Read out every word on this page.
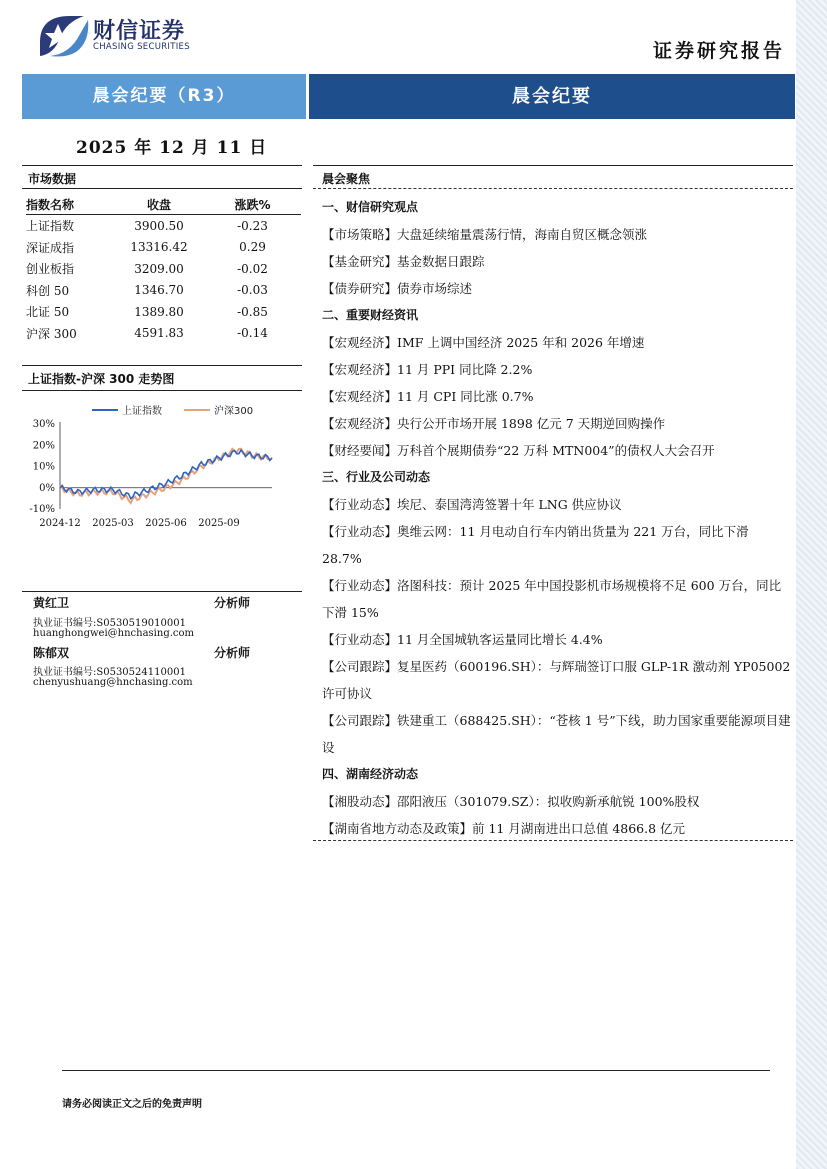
财信证券
CHASING SECURITIES	证券研究报告
晨会纪要（R3）	晨会纪要
2025 年 12 月 11 日
市场数据
指数名称	收盘	涨跌%
上证指数	3900.50	-0.23
深证成指	13316.42	0.29
创业板指	3209.00	-0.02
科创 50	1346.70	-0.03
北证 50	1389.80	-0.85
沪深 300	4591.83	-0.14
上证指数-沪深 300 走势图
上证指数	沪深300
30%
20%
10%
0%
-10%
2024-12 2025-03 2025-06 2025-09
黄红卫	分析师
执业证书编号:S0530519010001
huanghongwei@hnchasing.com
陈郁双	分析师
执业证书编号:S0530524110001
chenyushuang@hnchasing.com
晨会聚焦
一、财信研究观点
【市场策略】大盘延续缩量震荡行情，海南自贸区概念领涨
【基金研究】基金数据日跟踪
【债券研究】债券市场综述
二、重要财经资讯
【宏观经济】IMF 上调中国经济 2025 年和 2026 年增速
【宏观经济】11 月 PPI 同比降 2.2%
【宏观经济】11 月 CPI 同比涨 0.7%
【宏观经济】央行公开市场开展 1898 亿元 7 天期逆回购操作
【财经要闻】万科首个展期债券“22 万科 MTN004”的债权人大会召开
三、行业及公司动态
【行业动态】埃尼、泰国湾湾签署十年 LNG 供应协议
【行业动态】奥维云网：11 月电动自行车内销出货量为 221 万台，同比下滑 28.7%
【行业动态】洛图科技：预计 2025 年中国投影机市场规模将不足 600 万台，同比下滑 15%
【行业动态】11 月全国城轨客运量同比增长 4.4%
【公司跟踪】复星医药（600196.SH）：与辉瑞签订口服 GLP-1R 激动剂 YP05002 许可协议
【公司跟踪】铁建重工（688425.SH）：“苍核 1 号”下线，助力国家重要能源项目建设
四、湖南经济动态
【湘股动态】邵阳液压（301079.SZ）：拟收购新承航锐 100%股权
【湖南省地方动态及政策】前 11 月湖南进出口总值 4866.8 亿元
请务必阅读正文之后的免责声明
